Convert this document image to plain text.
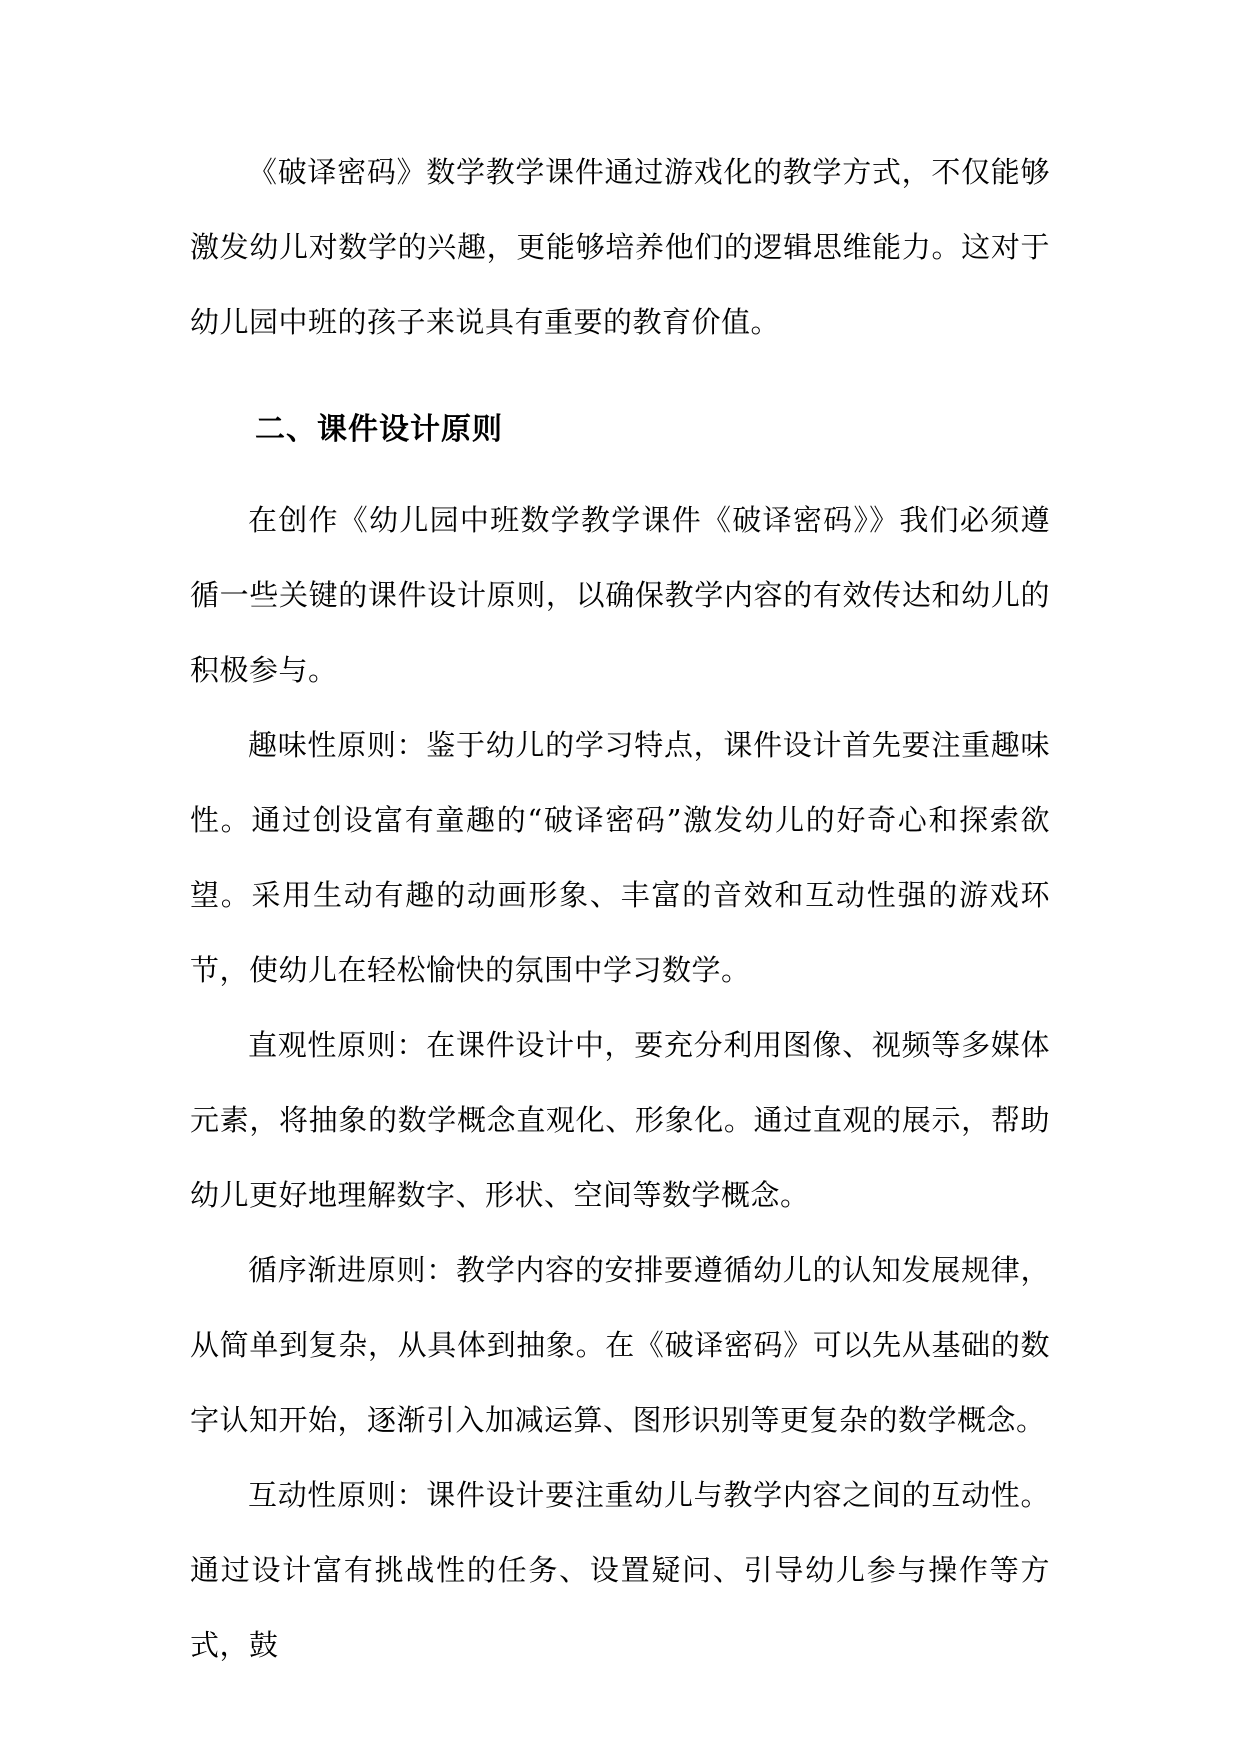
《破译密码》数学教学课件通过游戏化的教学方式，不仅能够激发幼儿对数学的兴趣，更能够培养他们的逻辑思维能力。这对于幼儿园中班的孩子来说具有重要的教育价值。

二、课件设计原则

在创作《幼儿园中班数学教学课件《破译密码》》我们必须遵循一些关键的课件设计原则，以确保教学内容的有效传达和幼儿的积极参与。

趣味性原则：鉴于幼儿的学习特点，课件设计首先要注重趣味性。通过创设富有童趣的“破译密码”激发幼儿的好奇心和探索欲望。采用生动有趣的动画形象、丰富的音效和互动性强的游戏环节，使幼儿在轻松愉快的氛围中学习数学。

直观性原则：在课件设计中，要充分利用图像、视频等多媒体元素，将抽象的数学概念直观化、形象化。通过直观的展示，帮助幼儿更好地理解数字、形状、空间等数学概念。

循序渐进原则：教学内容的安排要遵循幼儿的认知发展规律，从简单到复杂，从具体到抽象。在《破译密码》可以先从基础的数字认知开始，逐渐引入加减运算、图形识别等更复杂的数学概念。

互动性原则：课件设计要注重幼儿与教学内容之间的互动性。通过设计富有挑战性的任务、设置疑问、引导幼儿参与操作等方式，鼓
